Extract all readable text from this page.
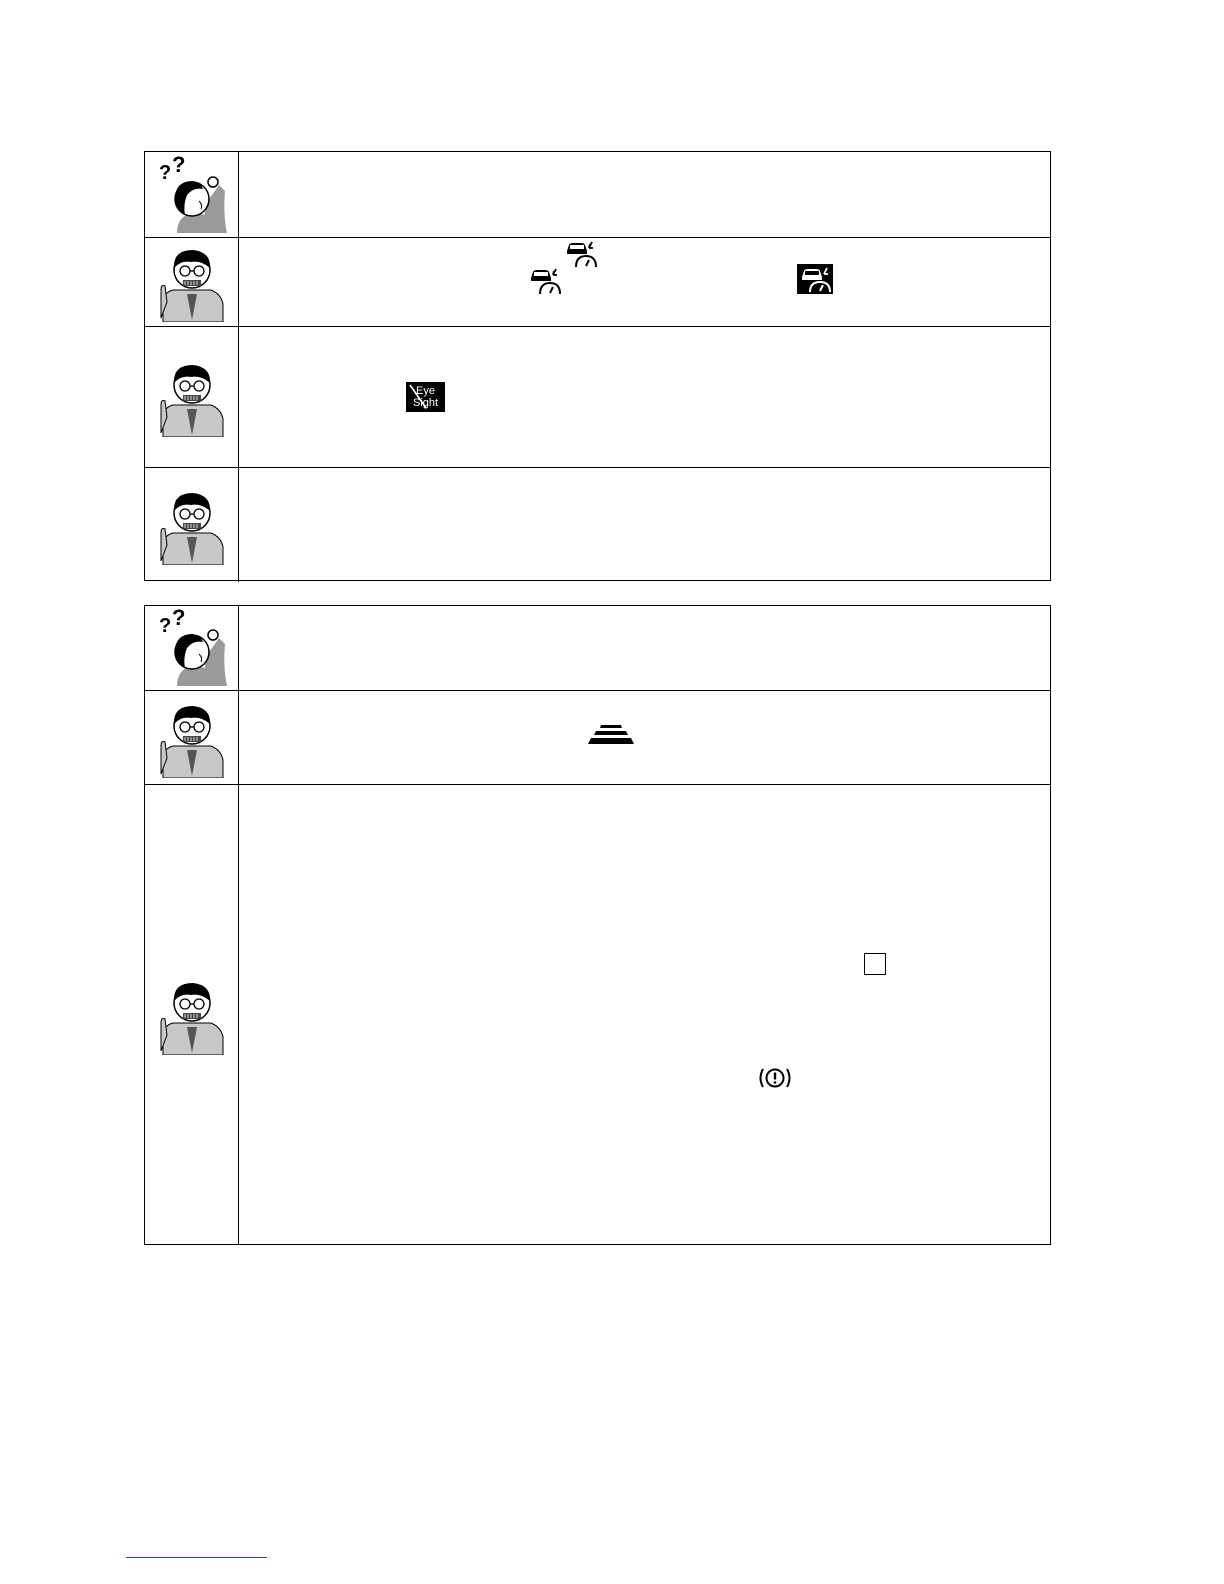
? ?
Eye
Sight
? ?
